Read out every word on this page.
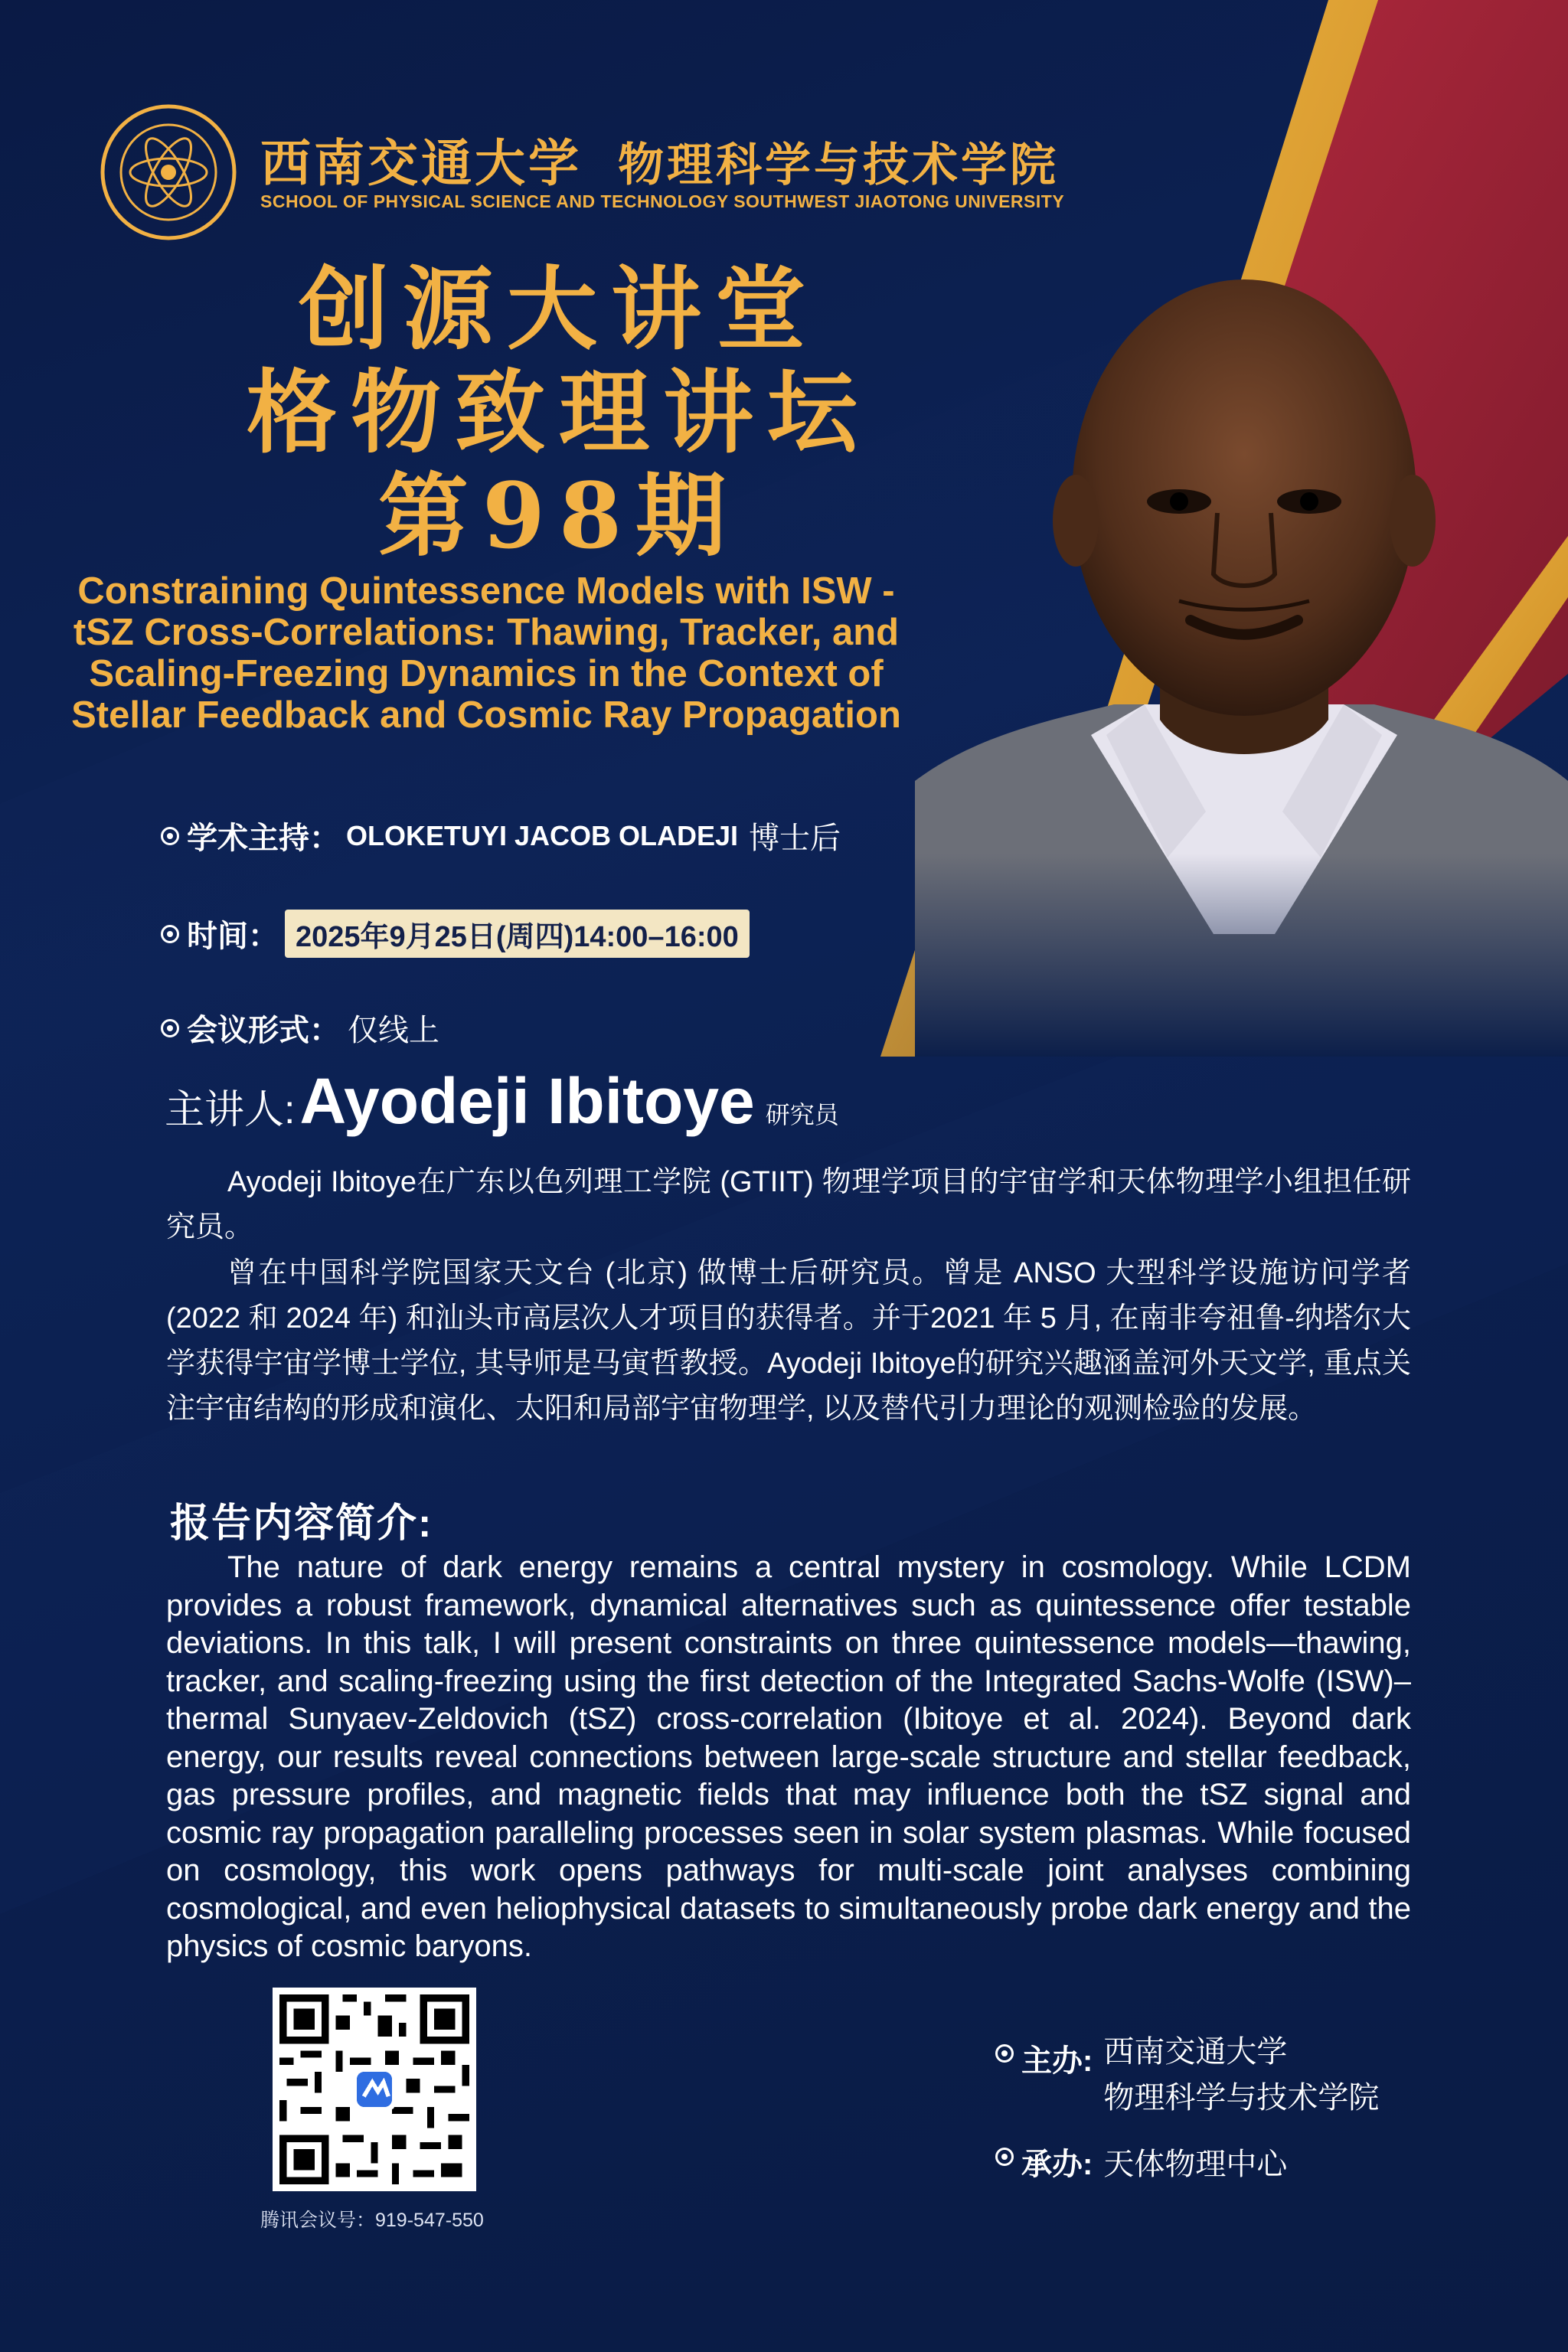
西南交通大学 物理科学与技术学院
SCHOOL OF PHYSICAL SCIENCE AND TECHNOLOGY SOUTHWEST JIAOTONG UNIVERSITY
创源大讲堂
格物致理讲坛
第98期
Constraining Quintessence Models with ISW - tSZ Cross-Correlations: Thawing, Tracker, and Scaling-Freezing Dynamics in the Context of Stellar Feedback and Cosmic Ray Propagation
学术主持： OLOKETUYI JACOB OLADEJI 博士后
时间： 2025年9月25日(周四)14:00–16:00
会议形式： 仅线上
主讲人: Ayodeji Ibitoye 研究员
Ayodeji Ibitoye在广东以色列理工学院 (GTIIT) 物理学项目的宇宙学和天体物理学小组担任研究员。
曾在中国科学院国家天文台 (北京) 做博士后研究员。曾是 ANSO 大型科学设施访问学者 (2022 和 2024 年) 和汕头市高层次人才项目的获得者。并于2021 年 5 月, 在南非夸祖鲁-纳塔尔大学获得宇宙学博士学位, 其导师是马寅哲教授。Ayodeji Ibitoye的研究兴趣涵盖河外天文学, 重点关注宇宙结构的形成和演化、太阳和局部宇宙物理学, 以及替代引力理论的观测检验的发展。
报告内容简介:
The nature of dark energy remains a central mystery in cosmology. While LCDM provides a robust framework, dynamical alternatives such as quintessence offer testable deviations. In this talk, I will present constraints on three quintessence models—thawing, tracker, and scaling-freezing using the first detection of the Integrated Sachs-Wolfe (ISW)–thermal Sunyaev-Zeldovich (tSZ) cross-correlation (Ibitoye et al. 2024). Beyond dark energy, our results reveal connections between large-scale structure and stellar feedback, gas pressure profiles, and magnetic fields that may influence both the tSZ signal and cosmic ray propagation paralleling processes seen in solar system plasmas. While focused on cosmology, this work opens pathways for multi-scale joint analyses combining cosmological, and even heliophysical datasets to simultaneously probe dark energy and the physics of cosmic baryons.
腾讯会议号：919-547-550
主办: 西南交通大学
物理科学与技术学院
承办: 天体物理中心
